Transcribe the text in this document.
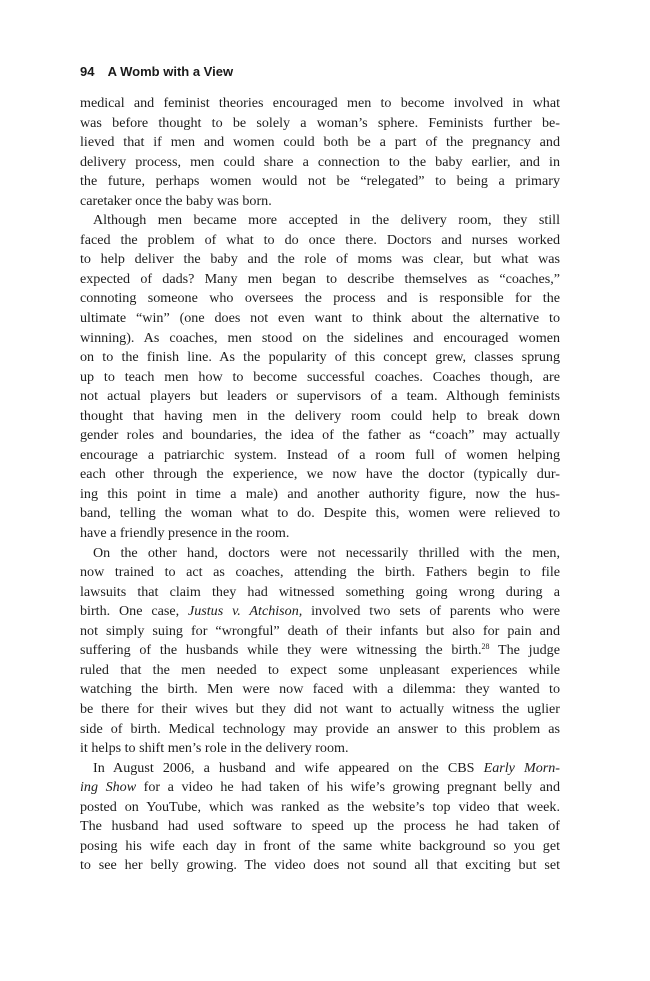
94 A Womb with a View
medical and feminist theories encouraged men to become involved in what
was before thought to be solely a woman’s sphere. Feminists further be-
lieved that if men and women could both be a part of the pregnancy and
delivery process, men could share a connection to the baby earlier, and in
the future, perhaps women would not be “relegated” to being a primary
caretaker once the baby was born.
Although men became more accepted in the delivery room, they still
faced the problem of what to do once there. Doctors and nurses worked
to help deliver the baby and the role of moms was clear, but what was
expected of dads? Many men began to describe themselves as “coaches,”
connoting someone who oversees the process and is responsible for the
ultimate “win” (one does not even want to think about the alternative to
winning). As coaches, men stood on the sidelines and encouraged women
on to the finish line. As the popularity of this concept grew, classes sprung
up to teach men how to become successful coaches. Coaches though, are
not actual players but leaders or supervisors of a team. Although feminists
thought that having men in the delivery room could help to break down
gender roles and boundaries, the idea of the father as “coach” may actually
encourage a patriarchic system. Instead of a room full of women helping
each other through the experience, we now have the doctor (typically dur-
ing this point in time a male) and another authority figure, now the hus-
band, telling the woman what to do. Despite this, women were relieved to
have a friendly presence in the room.
On the other hand, doctors were not necessarily thrilled with the men,
now trained to act as coaches, attending the birth. Fathers begin to file
lawsuits that claim they had witnessed something going wrong during a
birth. One case, Justus v. Atchison, involved two sets of parents who were
not simply suing for “wrongful” death of their infants but also for pain and
suffering of the husbands while they were witnessing the birth.$^{28}$ The judge
ruled that the men needed to expect some unpleasant experiences while
watching the birth. Men were now faced with a dilemma: they wanted to
be there for their wives but they did not want to actually witness the uglier
side of birth. Medical technology may provide an answer to this problem as
it helps to shift men’s role in the delivery room.
In August 2006, a husband and wife appeared on the CBS Early Morn-
ing Show for a video he had taken of his wife’s growing pregnant belly and
posted on YouTube, which was ranked as the website’s top video that week.
The husband had used software to speed up the process he had taken of
posing his wife each day in front of the same white background so you get
to see her belly growing. The video does not sound all that exciting but set
